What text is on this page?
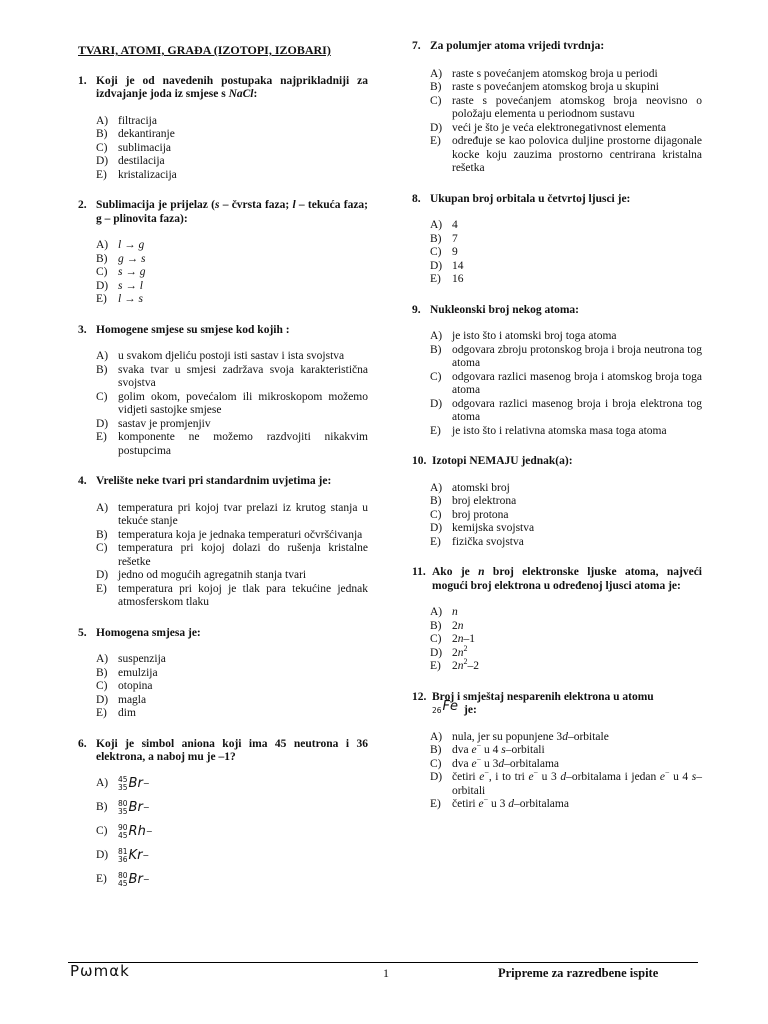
TVARI, ATOMI, GRAĐA (IZOTOPI, IZOBARI)
1. Koji je od navedenih postupaka najprikladniji za izdvajanje joda iz smjese s NaCl:
A) filtracija
B) dekantiranje
C) sublimacija
D) destilacija
E) kristalizacija
2. Sublimacija je prijelaz (s – čvrsta faza; l – tekuća faza; g – plinovita faza):
A) l → g
B) g → s
C) s → g
D) s → l
E) l → s
3. Homogene smjese su smjese kod kojih :
A) u svakom djeliću postoji isti sastav i ista svojstva
B) svaka tvar u smjesi zadržava svoja karakteristična svojstva
C) golim okom, povećalom ili mikroskopom možemo vidjeti sastojke smjese
D) sastav je promjenjiv
E) komponente ne možemo razdvojiti nikakvim postupcima
4. Vrelište neke tvari pri standardnim uvjetima je:
A) temperatura pri kojoj tvar prelazi iz krutog stanja u tekuće stanje
B) temperatura koja je jednaka temperaturi očvršćivanja
C) temperatura pri kojoj dolazi do rušenja kristalne rešetke
D) jedno od mogućih agregatnih stanja tvari
E) temperatura pri kojoj je tlak para tekućine jednak atmosferskom tlaku
5. Homogena smjesa je:
A) suspenzija
B) emulzija
C) otopina
D) magla
E) dim
6. Koji je simbol aniona koji ima 45 neutrona i 36 elektrona, a naboj mu je –1?
A)	45
35 Br −
B)	80
35 Br −
C)	90
45 Rh −
D)	81
36 Kr −
E)	80
45 Br −
7. Za polumjer atoma vrijedi tvrdnja:
A) raste s povećanjem atomskog broja u periodi
B) raste s povećanjem atomskog broja u skupini
C) raste s povećanjem atomskog broja neovisno o položaju elementa u periodnom sustavu
D) veći je što je veća elektronegativnost elementa
E) određuje se kao polovica duljine prostorne dijagonale kocke koju zauzima prostorno centrirana kristalna rešetka
8. Ukupan broj orbitala u četvrtoj ljusci je:
A) 4
B) 7
C) 9
D) 14
E) 16
9. Nukleonski broj nekog atoma:
A) je isto što i atomski broj toga atoma
B) odgovara zbroju protonskog broja i broja neutrona tog atoma
C) odgovara razlici masenog broja i atomskog broja toga atoma
D) odgovara razlici masenog broja i broja elektrona tog atoma
E) je isto što i relativna atomska masa toga atoma
10. Izotopi NEMAJU jednak(a):
A) atomski broj
B) broj elektrona
C) broj protona
D) kemijska svojstva
E) fizička svojstva
11. Ako je n broj elektronske ljuske atoma, najveći mogući broj elektrona u određenoj ljusci atoma je:
A) n
B) 2n
C) 2n–1
D) $2n^2$
E) $2n^2-2$
12. Broj i smještaj nesparenih elektrona u atomu

26 Fe je:
A) nula, jer su popunjene 3d–orbitale
B) dva e− u 4 s–orbitali
C) dva e− u 3d–orbitalama
D) četiri e−, i to tri e− u 3 d–orbitalama i jedan e− u 4 s–orbitali
E) četiri e− u 3 d–orbitalama
Pωmαk	1	Pripreme za razredbene ispite
